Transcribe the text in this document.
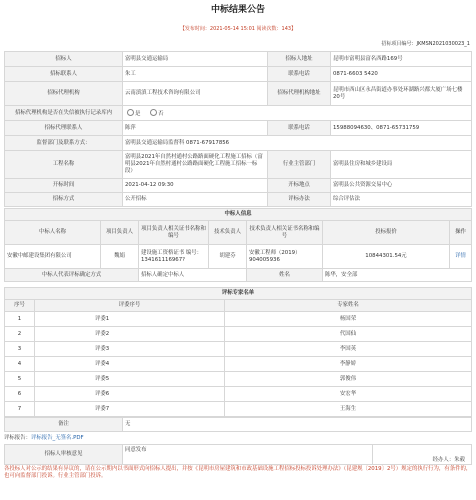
中标结果公告
【发布时间：2021-05-14 15:01 阅读次数：143】
招标项目编号：JKMSN2021030023_1
招标人	富明县交通运输局	招标人地址	昆明市富明县富名西路169号
招标联系人	朱工	联系电话	0871-6603 5420
招标代理机构	云南滇滇工程技术咨询有限公司	招标代理机构地址	昆明市西山区永昌街道办事处环湖路兴都大厦广场七楼20号
招标代理机构是否在失信被执行记录库内	是 否		
招标代理联系人	陈萍	联系电话	15988094630、0871-65731759
监督部门及联系方式：	富明县交通运输局监督科 0871-67917856		
工程名称	富明县2021年自然村通村公路路面硬化工程施工招标（富明县2021年自然村通村公路路面硬化工程施工招标一标段）	行业主管部门	富明县住房和城乡建设局
开标时间	2021-04-12 09:30	开标地点	富明县公共资源交易中心
招标方式	公开招标	评标办法	综合评估法
中标人信息						
中标人名称	项目负责人	项目负责人相关证书名称和编号	技术负责人	技术负责人相关证书名称和编号	投标报价	操作
安徽中邮建设集团有限公司	魏娟	建设施工资格证书 编号：134161116967?	胡建芬	安徽工程师（2019）904005936	10844301.54元	详情
中标人代表评标确定方式		招标人确定中标人		姓名	陈华，安全部	
评标专家名单		
序号	评委序号	专家姓名
1	评委1	杨国荣
2	评委2	代国仙
3	评委3	李国英
4	评委4	李静娇
5	评委5	郭俊伟
6	评委6	安宏华
7	评委7	王海生
备注	无
评标报告：评标报告_无签名.PDF
招标人审核意见	同意发布	经办人：朱毅
各投标人对公示的结果有异议的，请在公示期内以书面形式向招标人提出，并按《昆明市房屋建筑和市政基础设施工程招标投标投诉处理办法》（昆建规〔2019〕2号）规定的执行行为，有条件的，也可向监督部门投诉。行业主管部门投诉。
